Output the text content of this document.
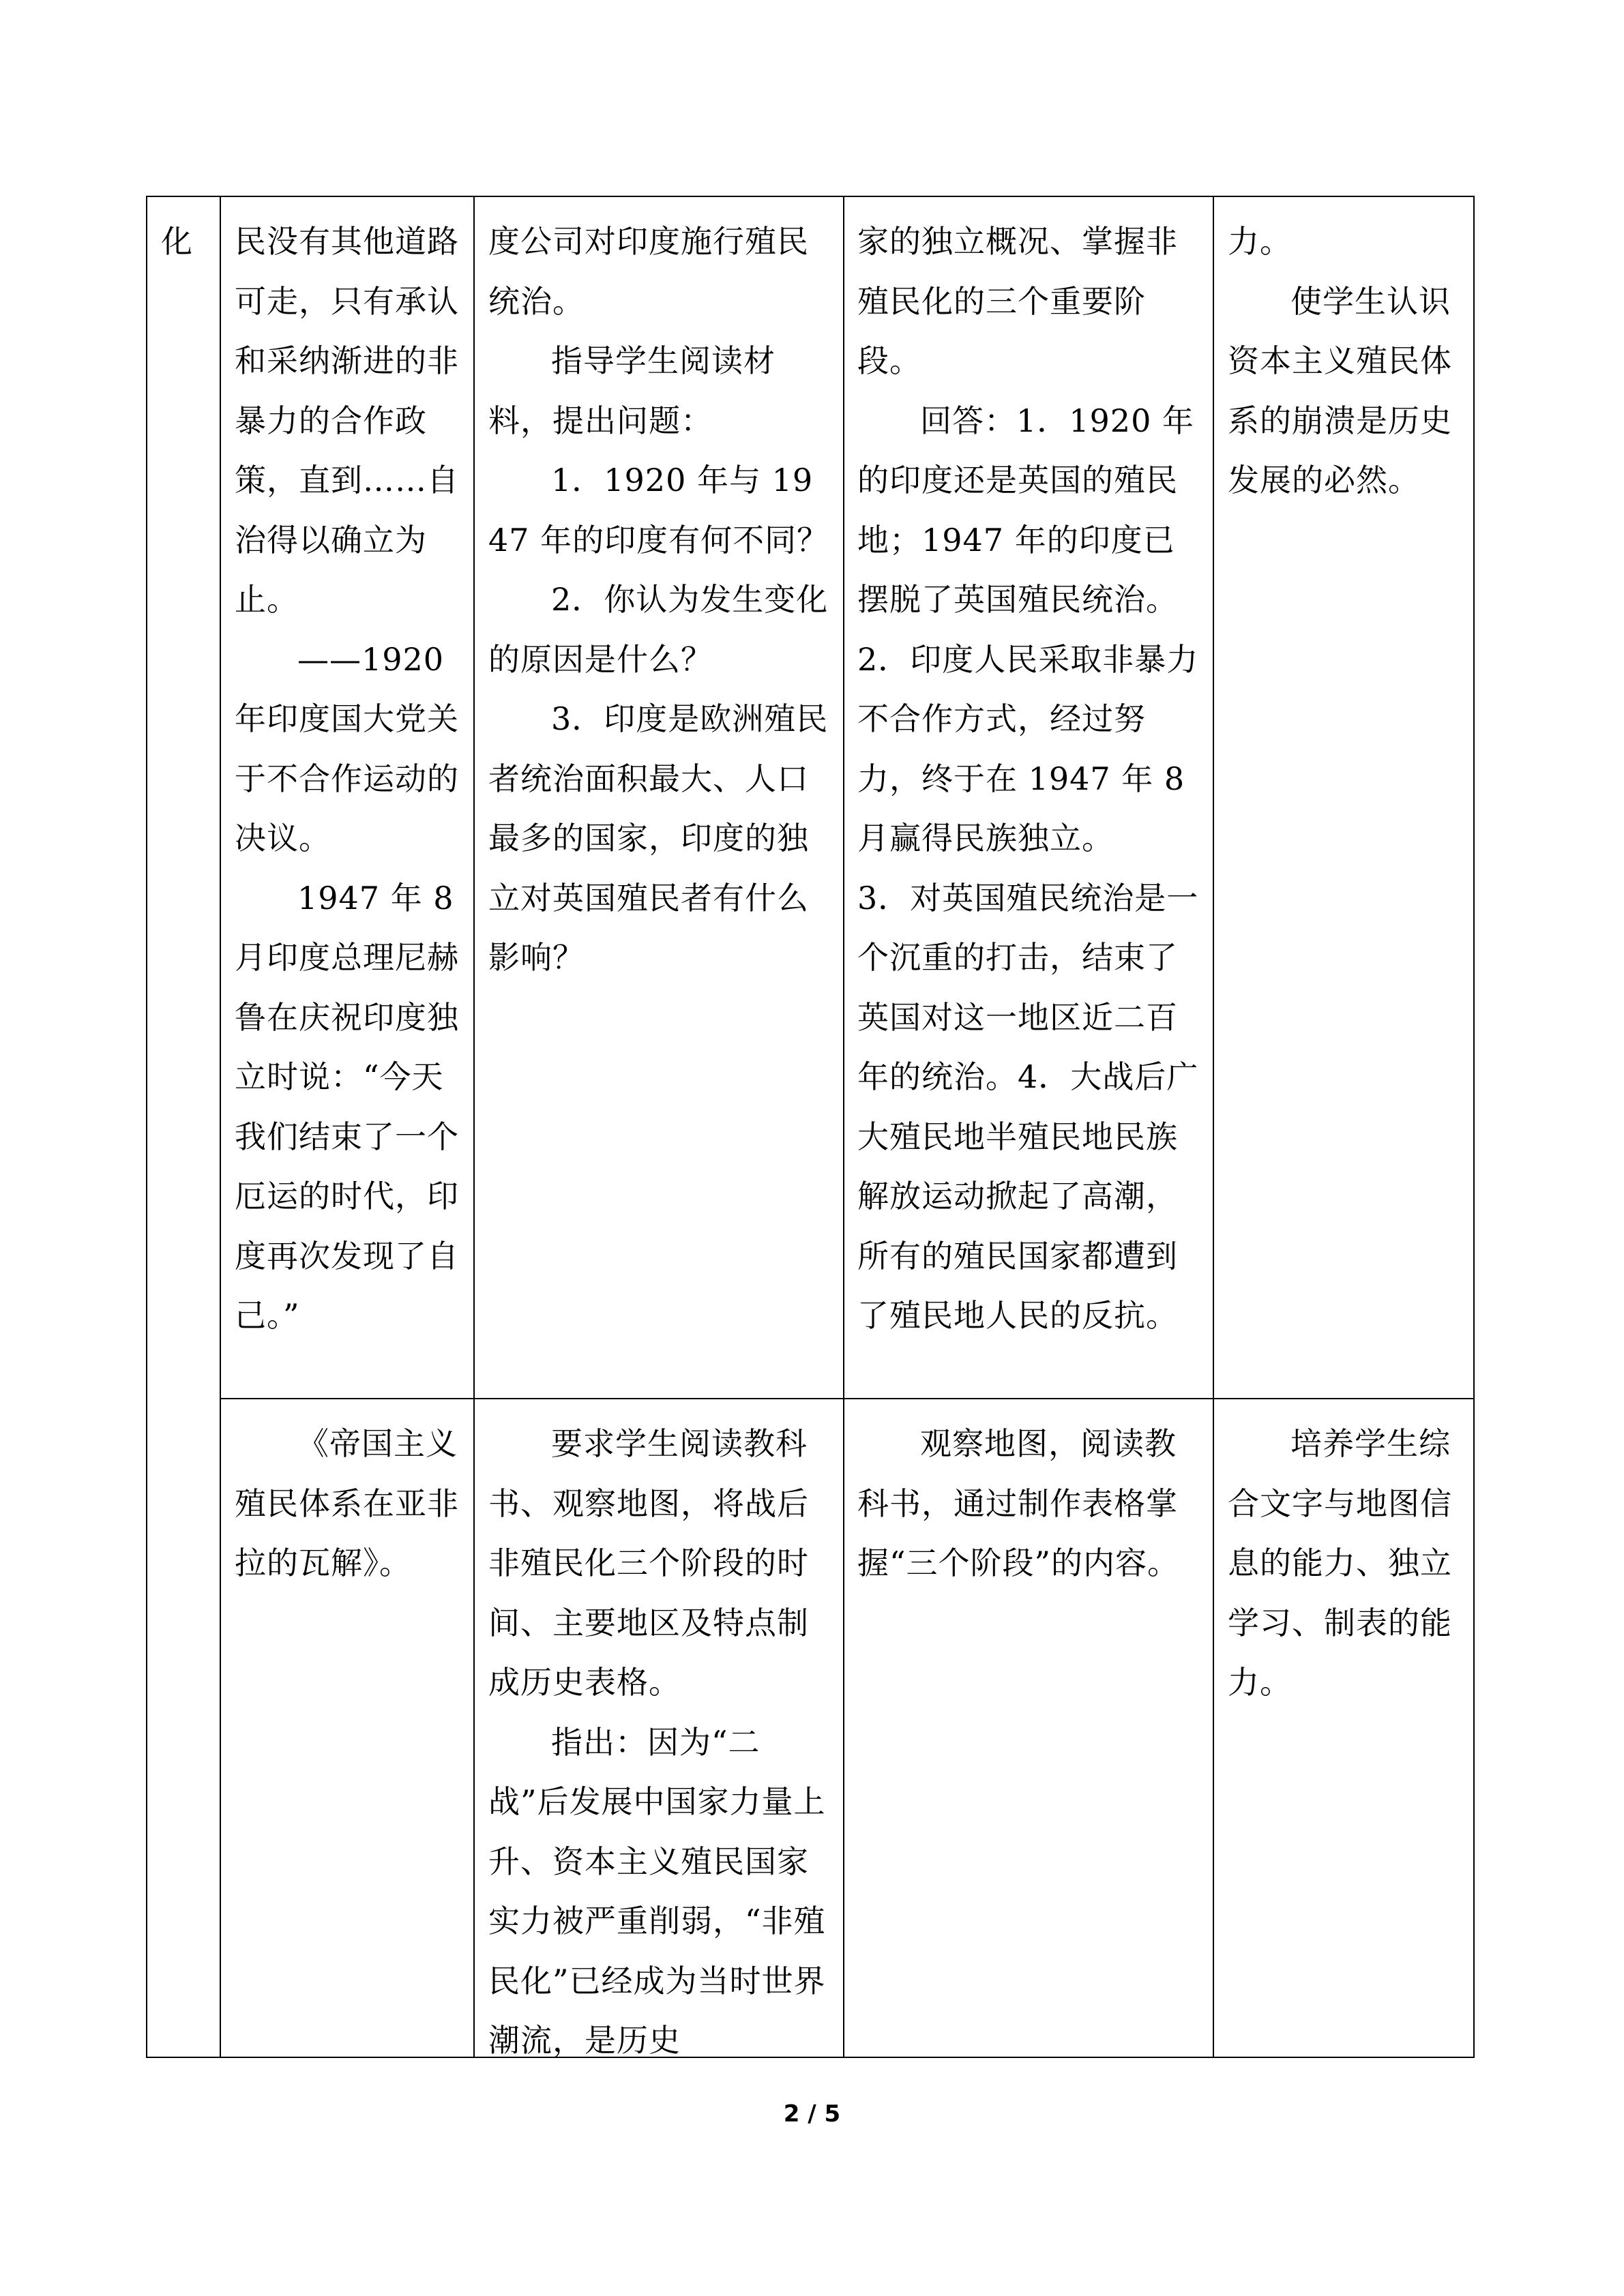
化	民没有其他道路可走，只有承认和采纳渐进的非暴力的合作政策，直到……自治得以确立为止。

——1920年印度国大党关于不合作运动的决议。

1947 年 8 月印度总理尼赫鲁在庆祝印度独立时说：“今天我们结束了一个厄运的时代，印度再次发现了自己。”

度公司对印度施行殖民统治。

指导学生阅读材料，提出问题：

1．1920 年与 1947 年的印度有何不同？

2．你认为发生变化的原因是什么？

3．印度是欧洲殖民者统治面积最大、人口最多的国家，印度的独立对英国殖民者有什么影响？

家的独立概况、掌握非殖民化的三个重要阶段。

回答：1．1920 年的印度还是英国的殖民地；1947 年的印度已摆脱了英国殖民统治。

2．印度人民采取非暴力不合作方式，经过努力，终于在 1947 年 8 月赢得民族独立。

3．对英国殖民统治是一个沉重的打击，结束了英国对这一地区近二百年的统治。4．大战后广大殖民地半殖民地民族解放运动掀起了高潮，所有的殖民国家都遭到了殖民地人民的反抗。

力。

使学生认识资本主义殖民体系的崩溃是历史发展的必然。

《帝国主义殖民体系在亚非拉的瓦解》。

要求学生阅读教科书、观察地图，将战后非殖民化三个阶段的时间、主要地区及特点制成历史表格。

指出：因为“二战”后发展中国家力量上升、资本主义殖民国家实力被严重削弱，“非殖民化”已经成为当时世界潮流，是历史

观察地图，阅读教科书，通过制作表格掌握“三个阶段”的内容。

培养学生综合文字与地图信息的能力、独立学习、制表的能力。

2 / 5
